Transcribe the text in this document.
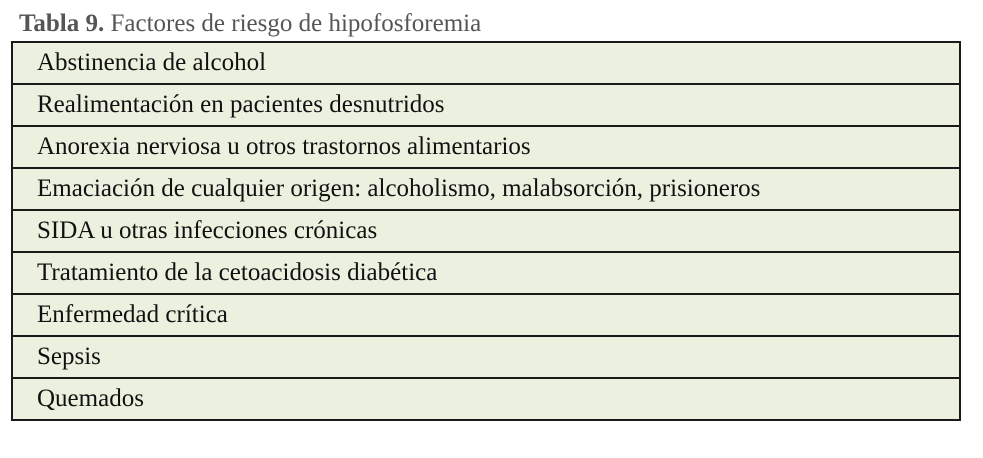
Tabla 9. Factores de riesgo de hipofosforemia
Abstinencia de alcohol
Realimentación en pacientes desnutridos
Anorexia nerviosa u otros trastornos alimentarios
Emaciación de cualquier origen: alcoholismo, malabsorción, prisioneros
SIDA u otras infecciones crónicas
Tratamiento de la cetoacidosis diabética
Enfermedad crítica
Sepsis
Quemados
